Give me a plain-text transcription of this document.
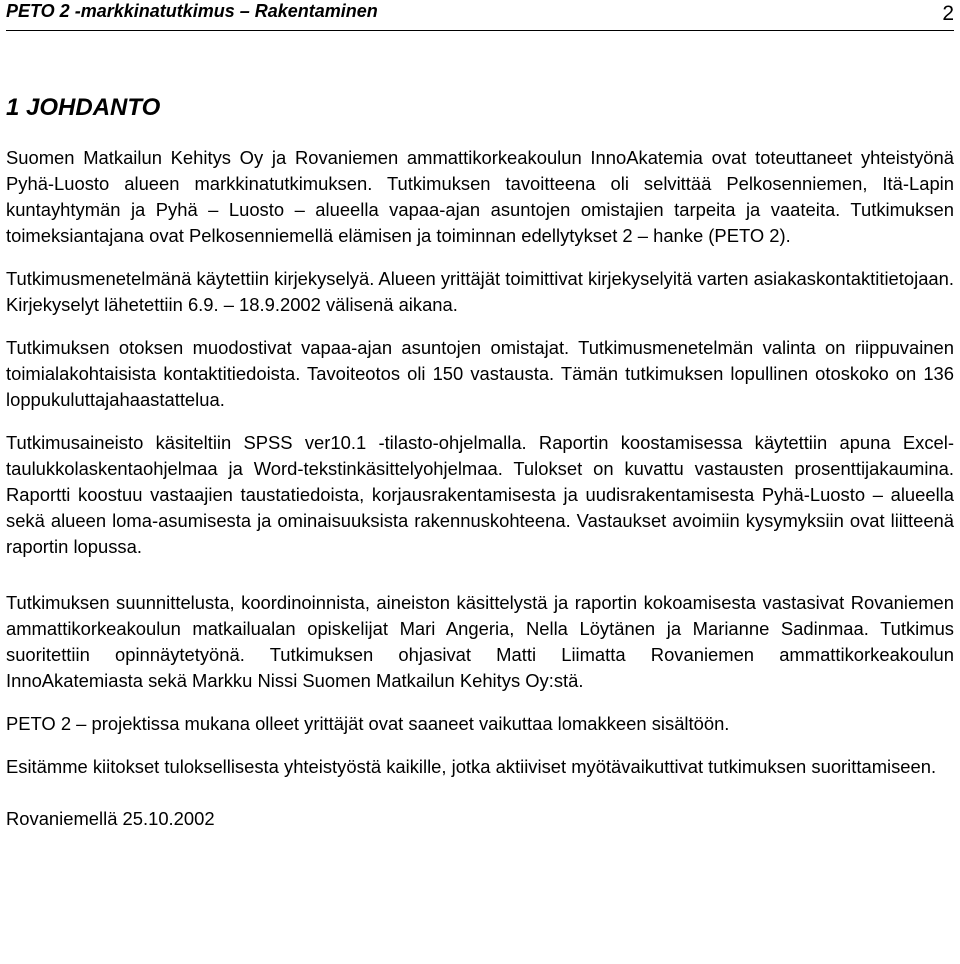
PETO 2 -markkinatutkimus – Rakentaminen	2
1 JOHDANTO

Suomen Matkailun Kehitys Oy ja Rovaniemen ammattikorkeakoulun InnoAkatemia ovat toteuttaneet yhteistyönä Pyhä-Luosto alueen markkinatutkimuksen. Tutkimuksen tavoitteena oli selvittää Pelkosenniemen, Itä-Lapin kuntayhtymän ja Pyhä – Luosto – alueella vapaa-ajan asuntojen omistajien tarpeita ja vaateita. Tutkimuksen toimeksiantajana ovat Pelkosenniemellä elämisen ja toiminnan edellytykset 2 – hanke (PETO 2).

Tutkimusmenetelmänä käytettiin kirjekyselyä. Alueen yrittäjät toimittivat kirjekyselyitä varten asiakaskontaktitietojaan. Kirjekyselyt lähetettiin 6.9. – 18.9.2002 välisenä aikana.

Tutkimuksen otoksen muodostivat vapaa-ajan asuntojen omistajat. Tutkimusmenetelmän valinta on riippuvainen toimialakohtaisista kontaktitiedoista. Tavoiteotos oli 150 vastausta. Tämän tutkimuksen lopullinen otoskoko on 136 loppukuluttajahaastattelua.

Tutkimusaineisto käsiteltiin SPSS ver10.1 -tilasto-ohjelmalla. Raportin koostamisessa käytettiin apuna Excel-taulukkolaskentaohjelmaa ja Word-tekstinkäsittelyohjelmaa. Tulokset on kuvattu vastausten prosenttijakaumina. Raportti koostuu vastaajien taustatiedoista, korjausrakentamisesta ja uudisrakentamisesta Pyhä-Luosto – alueella sekä alueen loma-asumisesta ja ominaisuuksista rakennuskohteena. Vastaukset avoimiin kysymyksiin ovat liitteenä raportin lopussa.

Tutkimuksen suunnittelusta, koordinoinnista, aineiston käsittelystä ja raportin kokoamisesta vastasivat Rovaniemen ammattikorkeakoulun matkailualan opiskelijat Mari Angeria, Nella Löytänen ja Marianne Sadinmaa. Tutkimus suoritettiin opinnäytetyönä. Tutkimuksen ohjasivat Matti Liimatta Rovaniemen ammattikorkeakoulun InnoAkatemiasta sekä Markku Nissi Suomen Matkailun Kehitys Oy:stä.

PETO 2 – projektissa mukana olleet yrittäjät ovat saaneet vaikuttaa lomakkeen sisältöön.

Esitämme kiitokset tuloksellisesta yhteistyöstä kaikille, jotka aktiiviset myötävaikuttivat tutkimuksen suorittamiseen.

Rovaniemellä 25.10.2002
